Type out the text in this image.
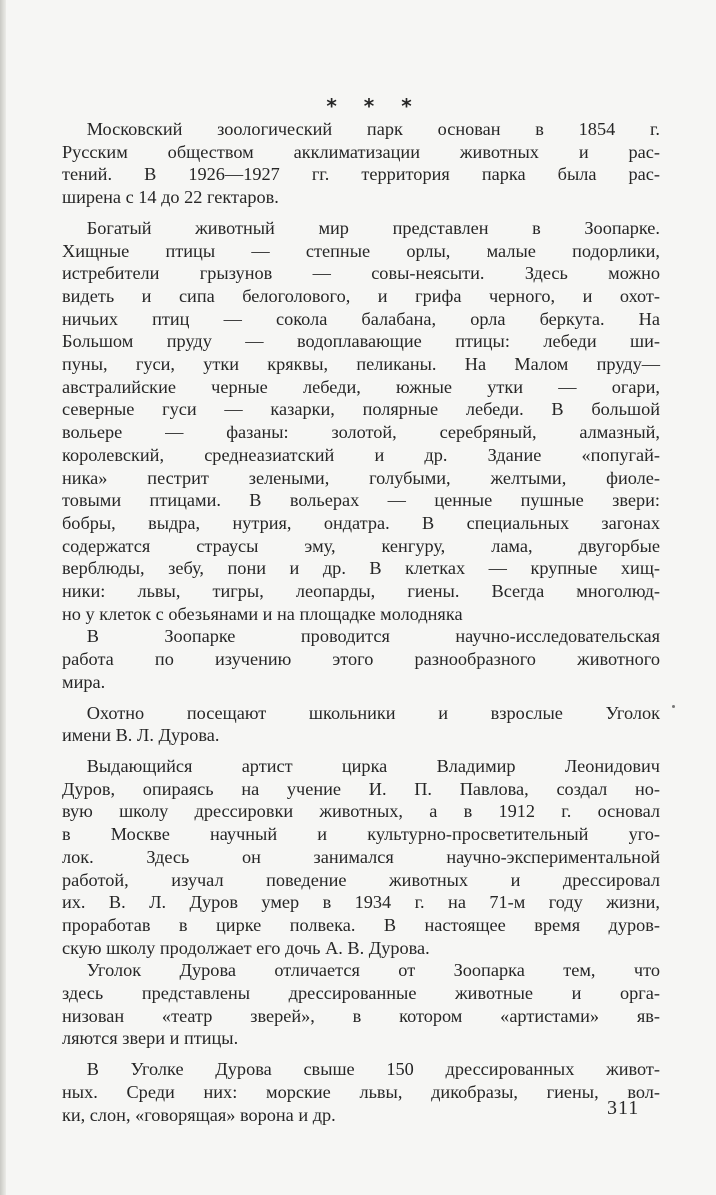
* * *
Московский зоологический парк основан в 1854 г.
Русским обществом акклиматизации животных и рас-
тений. В 1926—1927 гг. территория парка была рас-
ширена с 14 до 22 гектаров.
Богатый животный мир представлен в Зоопарке.
Хищные птицы — степные орлы, малые подорлики,
истребители грызунов — совы-неясыти. Здесь можно
видеть и сипа белоголового, и грифа черного, и охот-
ничьих птиц — сокола балабана, орла беркута. На
Большом пруду — водоплавающие птицы: лебеди ши-
пуны, гуси, утки кряквы, пеликаны. На Малом пруду—
австралийские черные лебеди, южные утки — огари,
северные гуси — казарки, полярные лебеди. В большой
вольере — фазаны: золотой, серебряный, алмазный,
королевский, среднеазиатский и др. Здание «попугай-
ника» пестрит зелеными, голубыми, желтыми, фиоле-
товыми птицами. В вольерах — ценные пушные звери:
бобры, выдра, нутрия, ондатра. В специальных загонах
содержатся страусы эму, кенгуру, лама, двугорбые
верблюды, зебу, пони и др. В клетках — крупные хищ-
ники: львы, тигры, леопарды, гиены. Всегда многолюд-
но у клеток с обезьянами и на площадке молодняка
В Зоопарке проводится научно-исследовательская
работа по изучению этого разнообразного животного
мира.
Охотно посещают школьники и взрослые Уголок
имени В. Л. Дурова.
Выдающийся артист цирка Владимир Леонидович
Дуров, опираясь на учение И. П. Павлова, создал но-
вую школу дрессировки животных, а в 1912 г. основал
в Москве научный и культурно-просветительный уго-
лок. Здесь он занимался научно-экспериментальной
работой, изучал поведение животных и дрессировал
их. В. Л. Дуров умер в 1934 г. на 71-м году жизни,
проработав в цирке полвека. В настоящее время дуров-
скую школу продолжает его дочь А. В. Дурова.
Уголок Дурова отличается от Зоопарка тем, что
здесь представлены дрессированные животные и орга-
низован «театр зверей», в котором «артистами» яв-
ляются звери и птицы.
В Уголке Дурова свыше 150 дрессированных живот-
ных. Среди них: морские львы, дикобразы, гиены, вол-
ки, слон, «говорящая» ворона и др.	311
